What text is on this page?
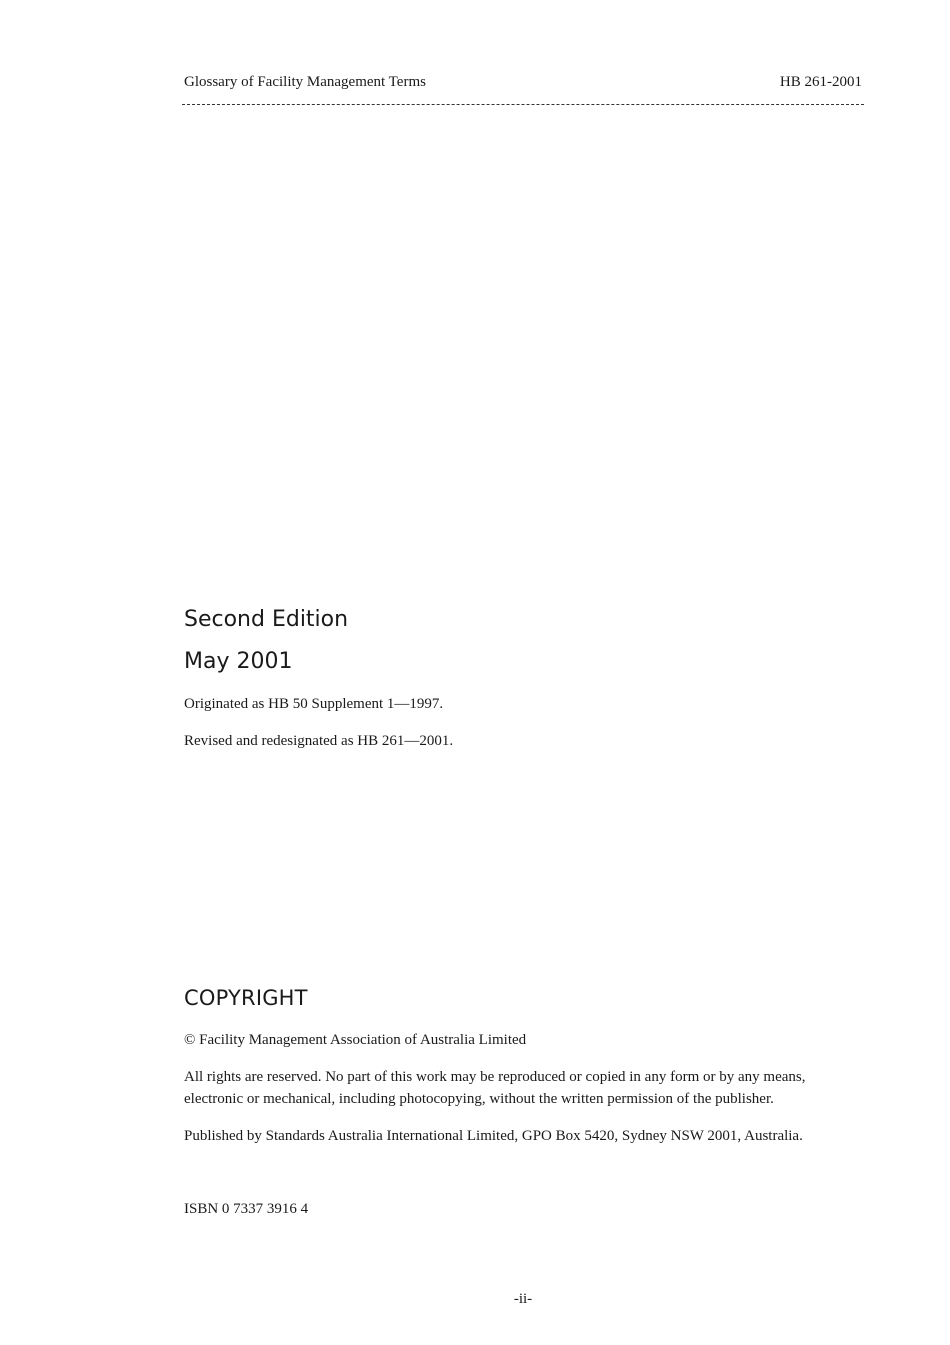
Glossary of Facility Management Terms	HB 261-2001
Second Edition
May 2001
Originated as HB 50 Supplement 1—1997.
Revised and redesignated as HB 261—2001.
COPYRIGHT
© Facility Management Association of Australia Limited
All rights are reserved. No part of this work may be reproduced or copied in any form or by any means,
electronic or mechanical, including photocopying, without the written permission of the publisher.
Published by Standards Australia International Limited, GPO Box 5420, Sydney NSW 2001, Australia.
ISBN 0 7337 3916 4
-ii-
